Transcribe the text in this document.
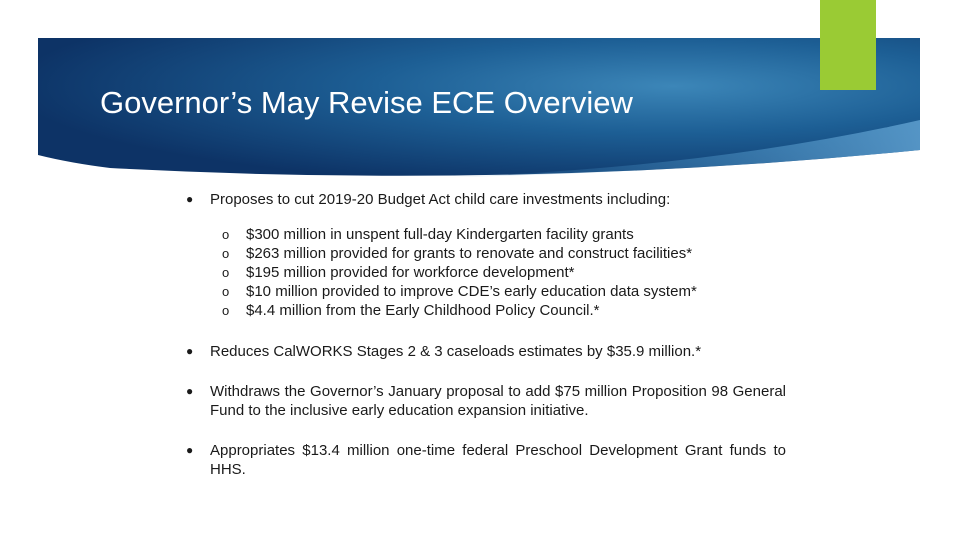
Governor’s May Revise ECE Overview
●	Proposes to cut 2019-20 Budget Act child care investments including:
o	$300 million in unspent full-day Kindergarten facility grants
o	$263 million provided for grants to renovate and construct facilities*
o	$195 million provided for workforce development*
o	$10 million provided to improve CDE’s early education data system*
o	$4.4 million from the Early Childhood Policy Council.*
●	Reduces CalWORKS Stages 2 & 3 caseloads estimates by $35.9 million.*
●	Withdraws the Governor’s January proposal to add $75 million Proposition 98 General Fund to the inclusive early education expansion initiative.
●	Appropriates $13.4 million one-time federal Preschool Development Grant funds to HHS.
